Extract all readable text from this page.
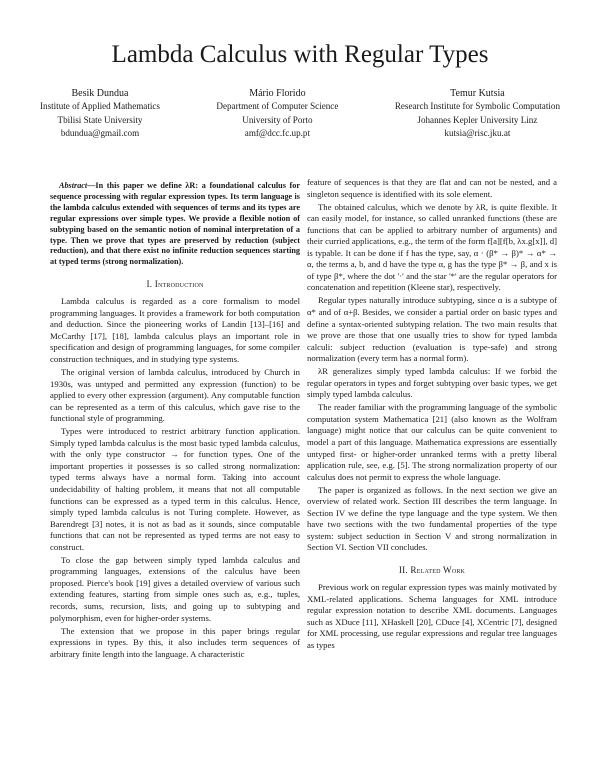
Lambda Calculus with Regular Types
Besik Dundua
Institute of Applied Mathematics
Tbilisi State University
bdundua@gmail.com
Mário Florido
Department of Computer Science
University of Porto
amf@dcc.fc.up.pt
Temur Kutsia
Research Institute for Symbolic Computation
Johannes Kepler University Linz
kutsia@risc.jku.at

Abstract—In this paper we define λR: a foundational calculus for sequence processing with regular expression types. Its term language is the lambda calculus extended with sequences of terms and its types are regular expressions over simple types. We provide a flexible notion of subtyping based on the semantic notion of nominal interpretation of a type. Then we prove that types are preserved by reduction (subject reduction), and that there exist no infinite reduction sequences starting at typed terms (strong normalization).

I. Introduction

Lambda calculus is regarded as a core formalism to model programming languages. It provides a framework for both computation and deduction. Since the pioneering works of Landin [13]–[16] and McCarthy [17], [18], lambda calculus plays an important role in specification and design of programming languages, for some compiler construction techniques, and in studying type systems.

The original version of lambda calculus, introduced by Church in 1930s, was untyped and permitted any expression (function) to be applied to every other expression (argument). Any computable function can be represented as a term of this calculus, which gave rise to the functional style of programming.

Types were introduced to restrict arbitrary function application. Simply typed lambda calculus is the most basic typed lambda calculus, with the only type constructor → for function types. One of the important properties it possesses is so called strong normalization: typed terms always have a normal form. Taking into account undecidability of halting problem, it means that not all computable functions can be expressed as a typed term in this calculus. Hence, simply typed lambda calculus is not Turing complete. However, as Barendregt [3] notes, it is not as bad as it sounds, since computable functions that can not be represented as typed terms are not easy to construct.

To close the gap between simply typed lambda calculus and programming languages, extensions of the calculus have been proposed. Pierce's book [19] gives a detailed overview of various such extending features, starting from simple ones such as, e.g., tuples, records, sums, recursion, lists, and going up to subtyping and polymorphism, even for higher-order systems.

The extension that we propose in this paper brings regular expressions in types. By this, it also includes term sequences of arbitrary finite length into the language. A characteristic

feature of sequences is that they are flat and can not be nested, and a singleton sequence is identified with its sole element.

The obtained calculus, which we denote by λR, is quite flexible. It can easily model, for instance, so called unranked functions (these are functions that can be applied to arbitrary number of arguments) and their curried applications, e.g., the term of the form f[a][f[b, λx.g[x]], d] is typable. It can be done if f has the type, say, α · (β* → β)* → α* → α, the terms a, b, and d have the type α, g has the type β* → β, and x is of type β*, where the dot '·' and the star '*' are the regular operators for concatenation and repetition (Kleene star), respectively.

Regular types naturally introduce subtyping, since α is a subtype of α* and of α+β. Besides, we consider a partial order on basic types and define a syntax-oriented subtyping relation. The two main results that we prove are those that one usually tries to show for typed lambda calculi: subject reduction (evaluation is type-safe) and strong normalization (every term has a normal form).

λR generalizes simply typed lambda calculus: If we forbid the regular operators in types and forget subtyping over basic types, we get simply typed lambda calculus.

The reader familiar with the programming language of the symbolic computation system Mathematica [21] (also known as the Wolfram language) might notice that our calculus can be quite convenient to model a part of this language. Mathematica expressions are essentially untyped first- or higher-order unranked terms with a pretty liberal application rule, see, e.g. [5]. The strong normalization property of our calculus does not permit to express the whole language.

The paper is organized as follows. In the next section we give an overview of related work. Section III describes the term language. In Section IV we define the type language and the type system. We then have two sections with the two fundamental properties of the type system: subject seduction in Section V and strong normalization in Section VI. Section VII concludes.

II. Related Work

Previous work on regular expression types was mainly motivated by XML-related applications. Schema languages for XML introduce regular expression notation to describe XML documents. Languages such as XDuce [11], XHaskell [20], CDuce [4], XCentric [7], designed for XML processing, use regular expressions and regular tree languages as types
